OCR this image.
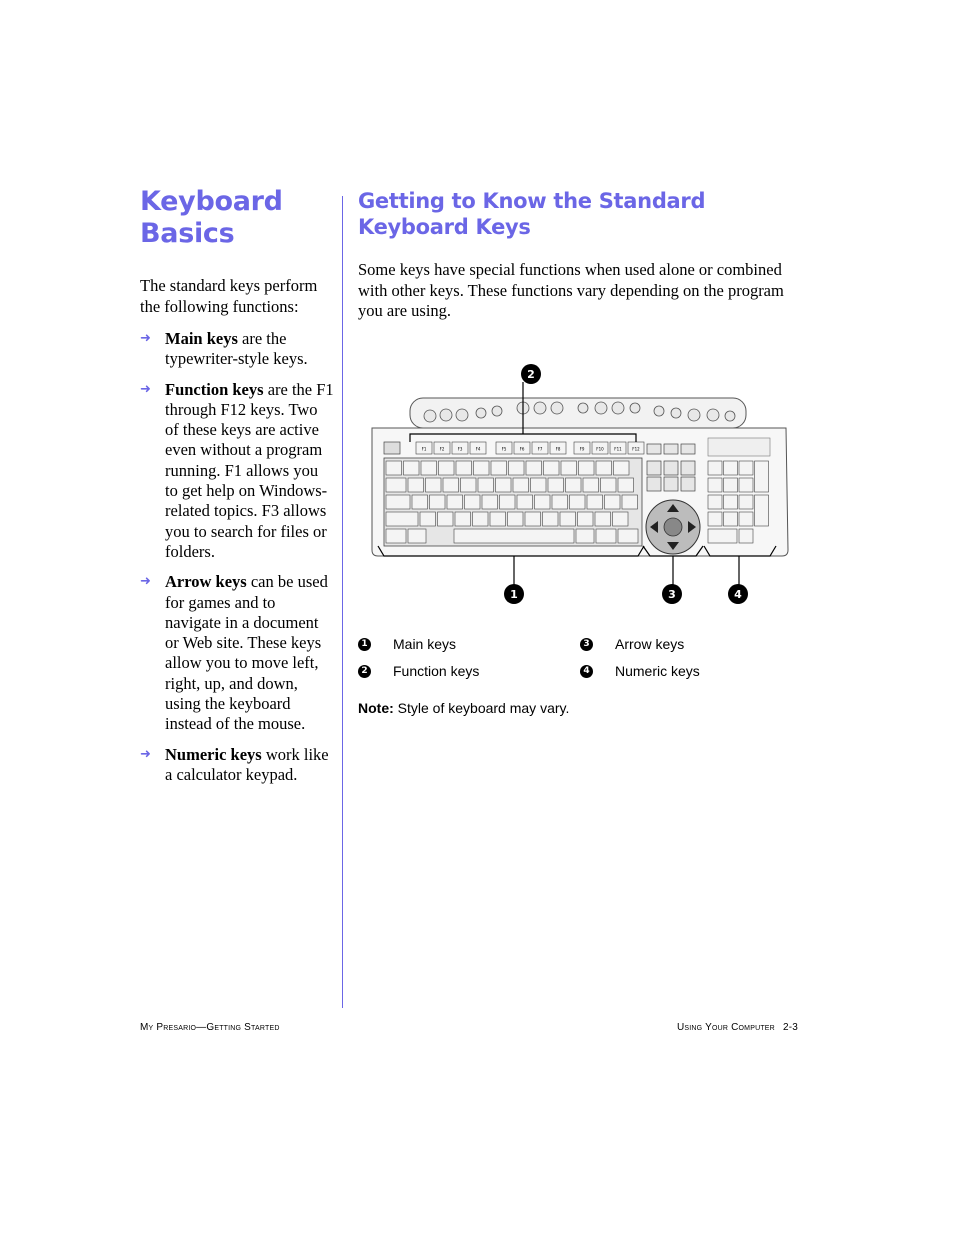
Keyboard
Basics

The standard keys perform the following functions:

➜ Main keys are the typewriter-style keys.
➜ Function keys are the F1 through F12 keys. Two of these keys are active even without a program running. F1 allows you to get help on Windows-related topics. F3 allows you to search for files or folders.
➜ Arrow keys can be used for games and to navigate in a document or Web site. These keys allow you to move left, right, up, and down, using the keyboard instead of the mouse.
➜ Numeric keys work like a calculator keypad.
Getting to Know the Standard
Keyboard Keys

Some keys have special functions when used alone or combined with other keys. These functions vary depending on the program you are using.

F1	F2	F3	F4	F5	F6	F7	F8	F9	F10	F11	F12
2
1	3	4
1 Main keys	3 Arrow keys
2 Function keys	4 Numeric keys
Note: Style of keyboard may vary.
My Presario—Getting Started	Using Your Computer 2-3
